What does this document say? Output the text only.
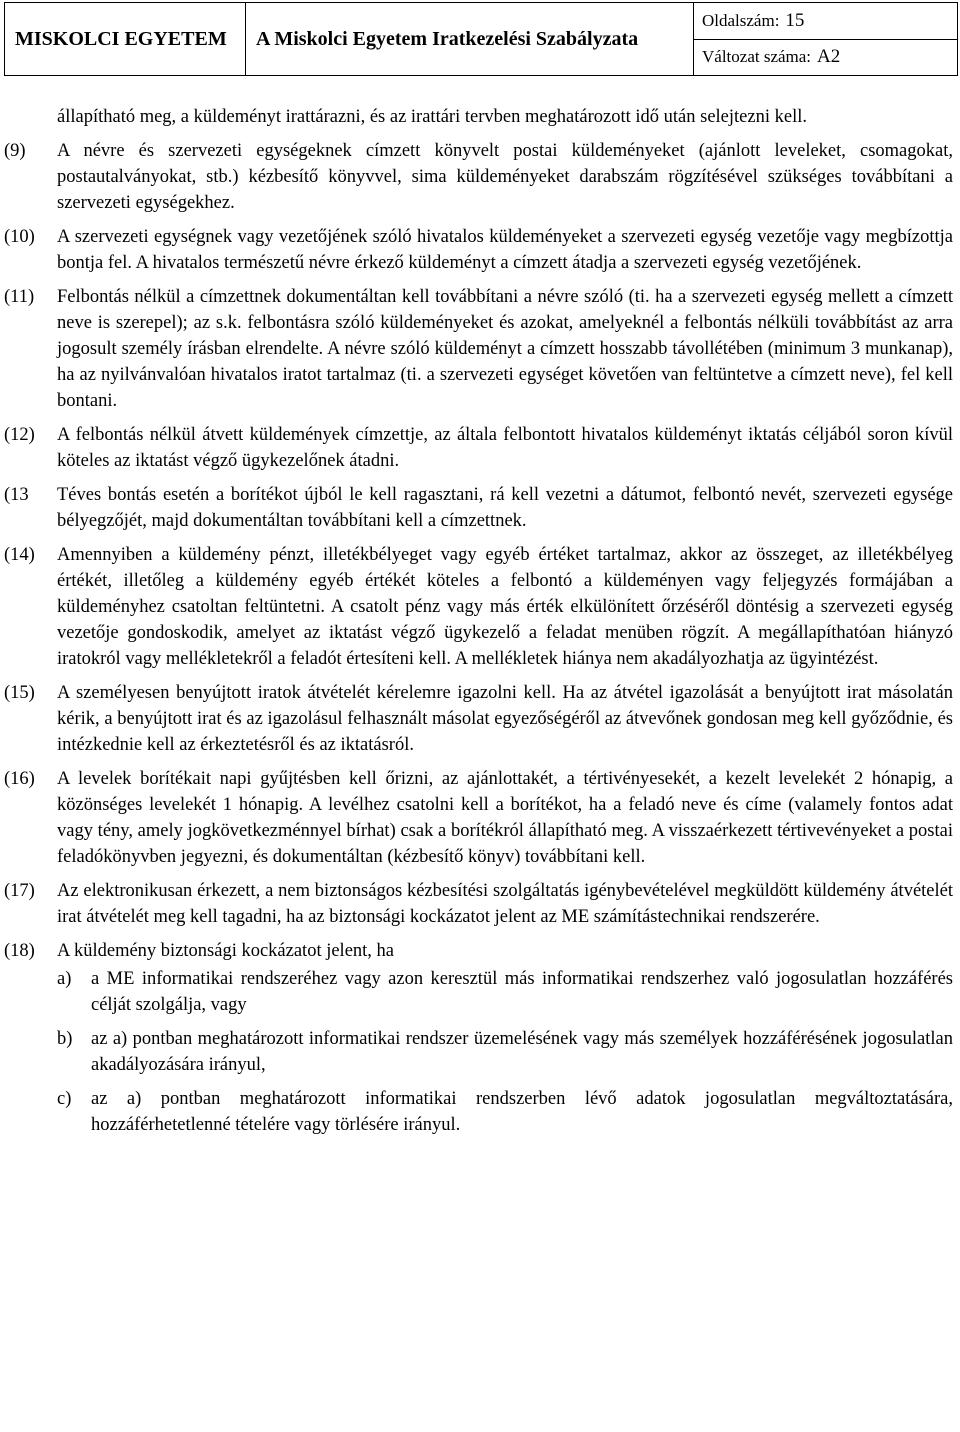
MISKOLCI EGYETEM	A Miskolci Egyetem Iratkezelési Szabályzata
Oldalszám: 15
Változat száma: A2
állapítható meg, a küldeményt irattárazni, és az irattári tervben meghatározott idő után selejtezni kell.
(9)	A névre és szervezeti egységeknek címzett könyvelt postai küldeményeket (ajánlott leveleket, csomagokat, postautalványokat, stb.) kézbesítő könyvvel, sima küldeményeket darabszám rögzítésével szükséges továbbítani a szervezeti egységekhez.
(10)	A szervezeti egységnek vagy vezetőjének szóló hivatalos küldeményeket a szervezeti egység vezetője vagy megbízottja bontja fel. A hivatalos természetű névre érkező küldeményt a címzett átadja a szervezeti egység vezetőjének.
(11)	Felbontás nélkül a címzettnek dokumentáltan kell továbbítani a névre szóló (ti. ha a szervezeti egység mellett a címzett neve is szerepel); az s.k. felbontásra szóló küldeményeket és azokat, amelyeknél a felbontás nélküli továbbítást az arra jogosult személy írásban elrendelte. A névre szóló küldeményt a címzett hosszabb távollétében (minimum 3 munkanap), ha az nyilvánvalóan hivatalos iratot tartalmaz (ti. a szervezeti egységet követően van feltüntetve a címzett neve), fel kell bontani.
(12)	A felbontás nélkül átvett küldemények címzettje, az általa felbontott hivatalos küldeményt iktatás céljából soron kívül köteles az iktatást végző ügykezelőnek átadni.
(13	Téves bontás esetén a borítékot újból le kell ragasztani, rá kell vezetni a dátumot, felbontó nevét, szervezeti egysége bélyegzőjét, majd dokumentáltan továbbítani kell a címzettnek.
(14)	Amennyiben a küldemény pénzt, illetékbélyeget vagy egyéb értéket tartalmaz, akkor az összeget, az illetékbélyeg értékét, illetőleg a küldemény egyéb értékét köteles a felbontó a küldeményen vagy feljegyzés formájában a küldeményhez csatoltan feltüntetni. A csatolt pénz vagy más érték elkülönített őrzéséről döntésig a szervezeti egység vezetője gondoskodik, amelyet az iktatást végző ügykezelő a feladat menüben rögzít. A megállapíthatóan hiányzó iratokról vagy mellékletekről a feladót értesíteni kell. A mellékletek hiánya nem akadályozhatja az ügyintézést.
(15)	A személyesen benyújtott iratok átvételét kérelemre igazolni kell. Ha az átvétel igazolását a benyújtott irat másolatán kérik, a benyújtott irat és az igazolásul felhasznált másolat egyezőségéről az átvevőnek gondosan meg kell győződnie, és intézkednie kell az érkeztetésről és az iktatásról.
(16)	A levelek borítékait napi gyűjtésben kell őrizni, az ajánlottakét, a tértivényesekét, a kezelt levelekét 2 hónapig, a közönséges levelekét 1 hónapig. A levélhez csatolni kell a borítékot, ha a feladó neve és címe (valamely fontos adat vagy tény, amely jogkövetkezménnyel bírhat) csak a borítékról állapítható meg. A visszaérkezett tértivevényeket a postai feladókönyvben jegyezni, és dokumentáltan (kézbesítő könyv) továbbítani kell.
(17)	Az elektronikusan érkezett, a nem biztonságos kézbesítési szolgáltatás igénybevételével megküldött küldemény átvételét irat átvételét meg kell tagadni, ha az biztonsági kockázatot jelent az ME számítástechnikai rendszerére.
(18)	A küldemény biztonsági kockázatot jelent, ha
a)	a ME informatikai rendszeréhez vagy azon keresztül más informatikai rendszerhez való jogosulatlan hozzáférés célját szolgálja, vagy
b)	az a) pontban meghatározott informatikai rendszer üzemelésének vagy más személyek hozzáférésének jogosulatlan akadályozására irányul,
c)	az a) pontban meghatározott informatikai rendszerben lévő adatok jogosulatlan megváltoztatására, hozzáférhetetlenné tételére vagy törlésére irányul.
